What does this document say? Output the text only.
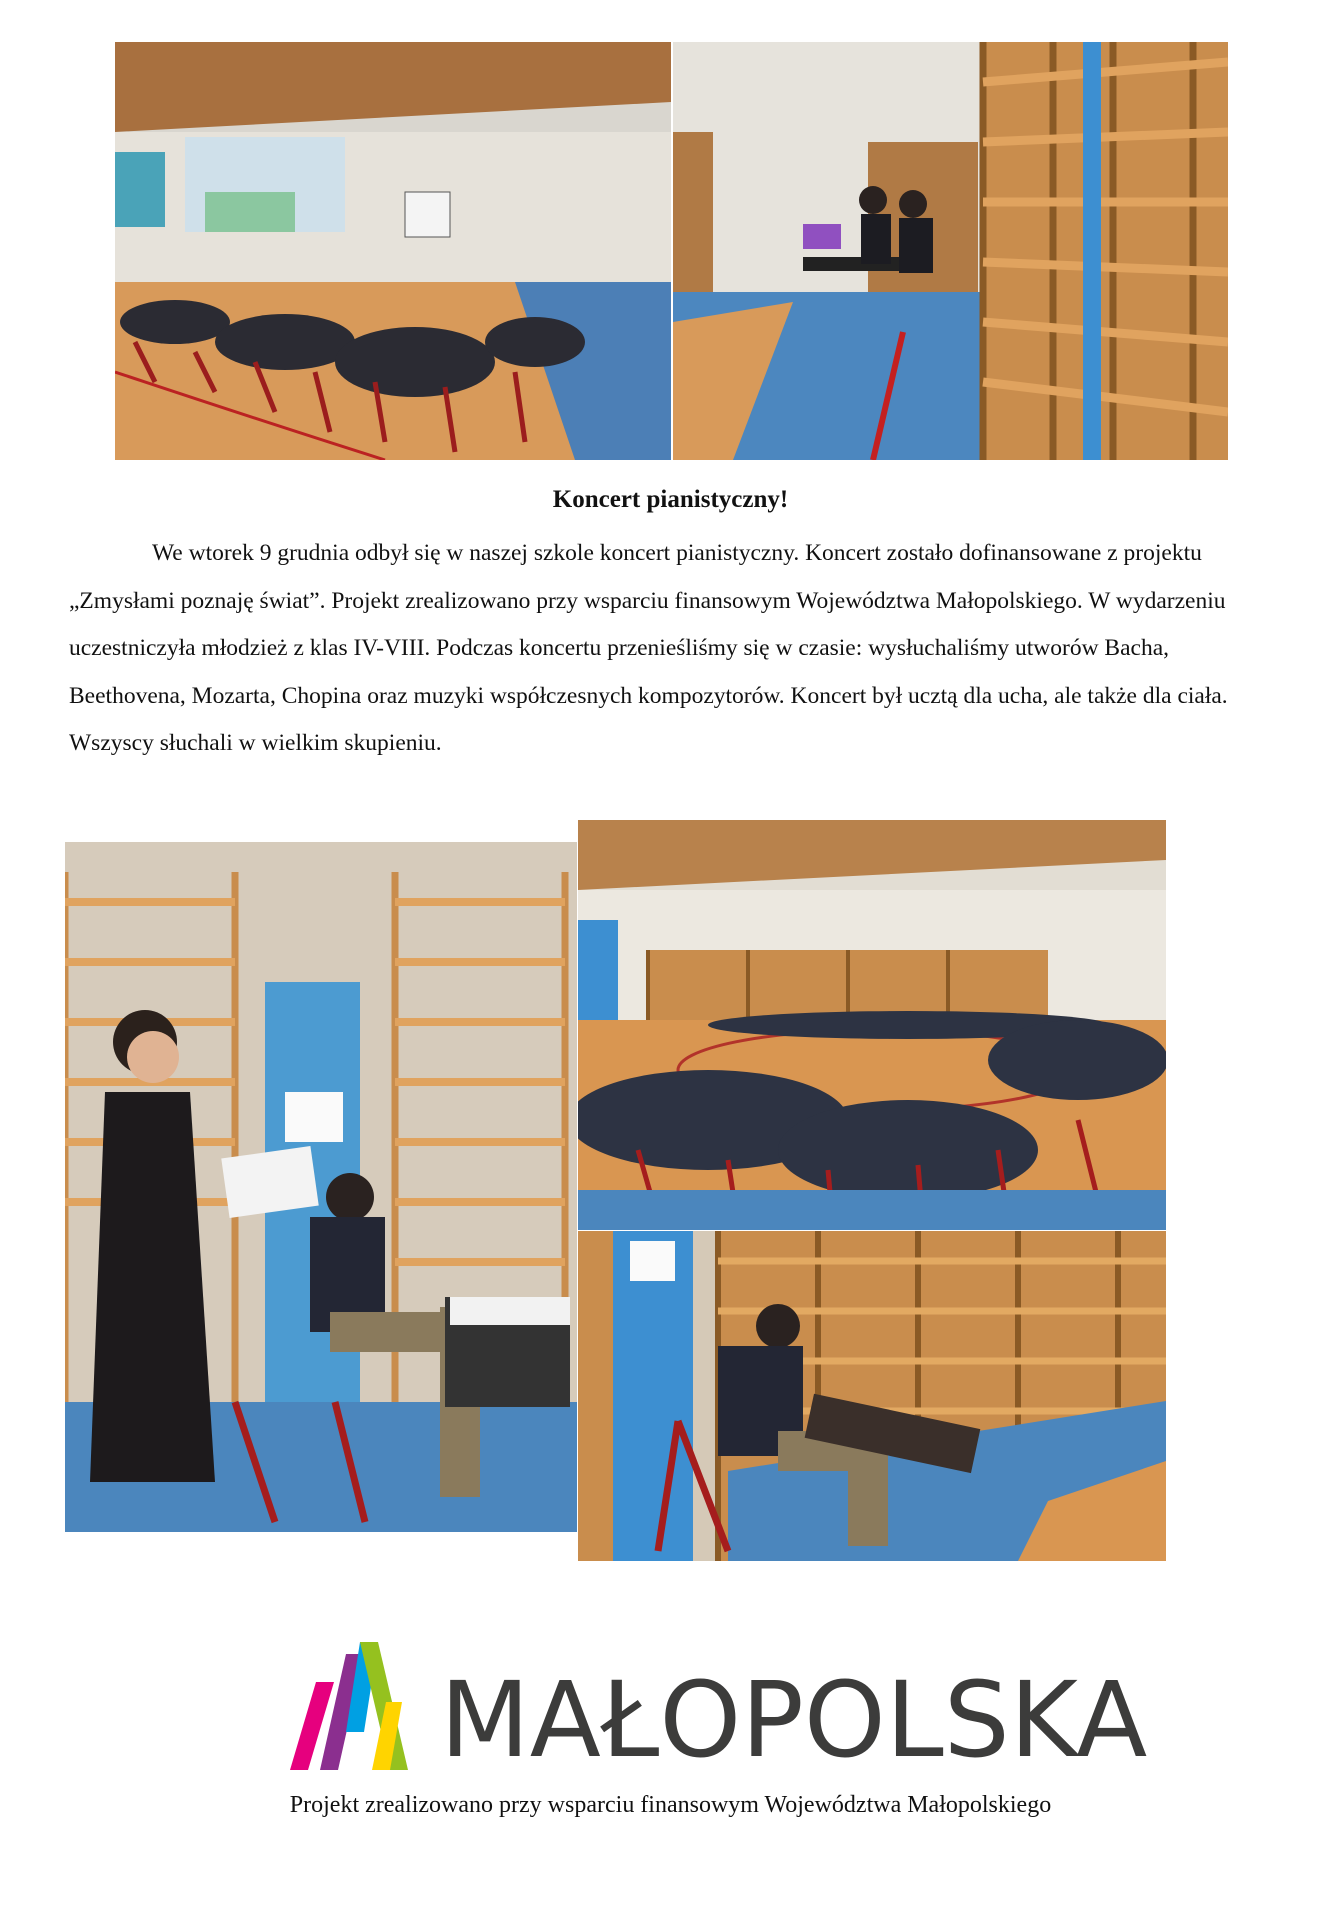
Koncert pianistyczny!
We wtorek 9 grudnia odbył się w naszej szkole koncert pianistyczny. Koncert zostało dofinansowane z projektu „Zmysłami poznaję świat”. Projekt zrealizowano przy wsparciu finansowym Województwa Małopolskiego. W wydarzeniu uczestniczyła młodzież z klas IV-VIII. Podczas koncertu przenieśliśmy się w czasie: wysłuchaliśmy utworów Bacha, Beethovena, Mozarta, Chopina oraz muzyki współczesnych kompozytorów. Koncert był ucztą dla ucha, ale także dla ciała. Wszyscy słuchali w wielkim skupieniu.
MAŁOPOLSKA
Projekt zrealizowano przy wsparciu finansowym Województwa Małopolskiego
